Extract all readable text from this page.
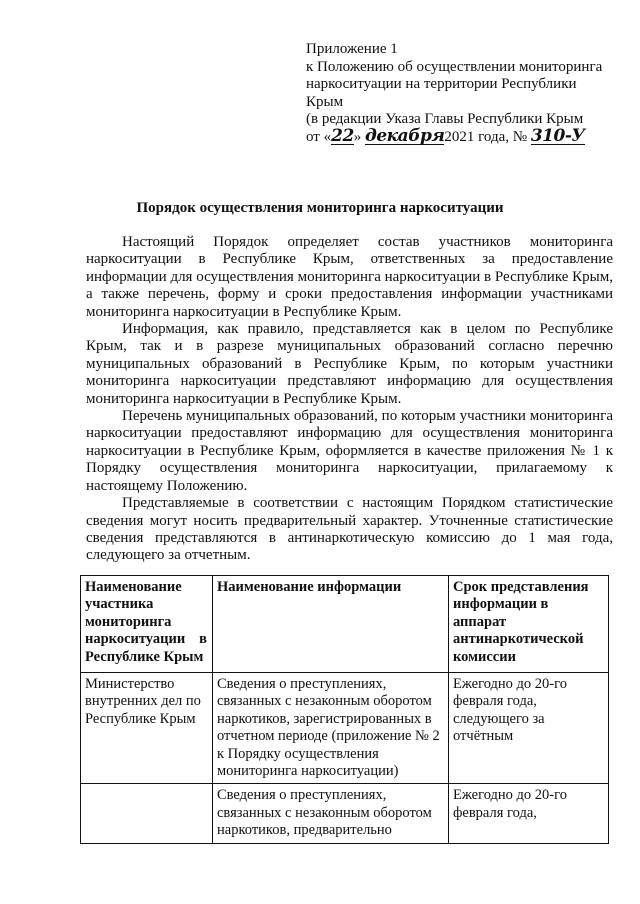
Приложение 1
к Положению об осуществлении мониторинга
наркоситуации на территории Республики
Крым
(в редакции Указа Главы Республики Крым
от «22» декабря2021 года, № 310-У
Порядок осуществления мониторинга наркоситуации

Настоящий Порядок определяет состав участников мониторинга наркоситуации в Республике Крым, ответственных за предоставление информации для осуществления мониторинга наркоситуации в Республике Крым, а также перечень, форму и сроки предоставления информации участниками мониторинга наркоситуации в Республике Крым.

Информация, как правило, представляется как в целом по Республике Крым, так и в разрезе муниципальных образований согласно перечню муниципальных образований в Республике Крым, по которым участники мониторинга наркоситуации представляют информацию для осуществления мониторинга наркоситуации в Республике Крым.

Перечень муниципальных образований, по которым участники мониторинга наркоситуации предоставляют информацию для осуществления мониторинга наркоситуации в Республике Крым, оформляется в качестве приложения № 1 к Порядку осуществления мониторинга наркоситуации, прилагаемому к настоящему Положению.

Представляемые в соответствии с настоящим Порядком статистические сведения могут носить предварительный характер. Уточненные статистические сведения представляются в антинаркотическую комиссию до 1 мая года, следующего за отчетным.

Наименование участника мониторинга наркоситуации в Республике Крым	Наименование информации	Срок представления информации в аппарат антинаркотической комиссии
Министерство внутренних дел по Республике Крым	Сведения о преступлениях, связанных с незаконным оборотом наркотиков, зарегистрированных в отчетном периоде (приложение № 2 к Порядку осуществления мониторинга наркоситуации)	Ежегодно до 20-го февраля года, следующего за отчётным
	Сведения о преступлениях, связанных с незаконным оборотом наркотиков, предварительно	Ежегодно до 20-го февраля года,
